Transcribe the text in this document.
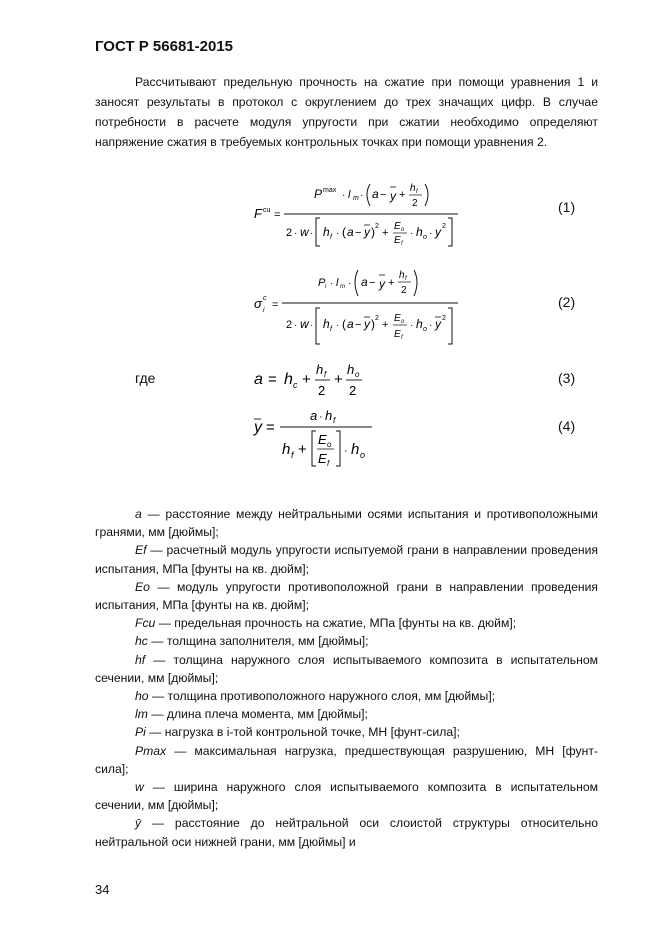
ГОСТ Р 56681-2015

Рассчитывают предельную прочность на сжатие при помощи уравнения 1 и заносят результаты в протокол с округлением до трех значащих цифр. В случае потребности в расчете модуля упругости при сжатии необходимо определяют напряжение сжатия в требуемых контрольных точках при помощи уравнения 2.

F cu =
P max · l m · a − y +
h f
2
2 · w · h f · ( a − y ) 2
+
E o
E f
· h o · y 2
(1)
σ c
i =
P i · l m · a − y +
h f
2
2 · w · h f · ( a − y ) 2
+
E o
E f
· h o · y 2
(2)
где	a = h c +
h f
2
+
h o
2
(3)
y =
a · h f
h f +
E o
E f
· h o
(4)

a — расстояние между нейтральными осями испытания и противоположными гранями, мм [дюймы];

Ef — расчетный модуль упругости испытуемой грани в направлении проведения испытания, МПа [фунты на кв. дюйм];

Eo — модуль упругости противоположной грани в направлении проведения испытания, МПа [фунты на кв. дюйм];

Fcu — предельная прочность на сжатие, МПа [фунты на кв. дюйм];

hc — толщина заполнителя, мм [дюймы];

hf — толщина наружного слоя испытываемого композита в испытательном сечении, мм [дюймы];

ho — толщина противоположного наружного слоя, мм [дюймы];

lm — длина плеча момента, мм [дюймы];

Pi — нагрузка в i-той контрольной точке, МН [фунт-сила];

Pmax — максимальная нагрузка, предшествующая разрушению, МН [фунт-сила];

w — ширина наружного слоя испытываемого композита в испытательном сечении, мм [дюймы];

ȳ — расстояние до нейтральной оси слоистой структуры относительно нейтральной оси нижней грани, мм [дюймы] и

34
